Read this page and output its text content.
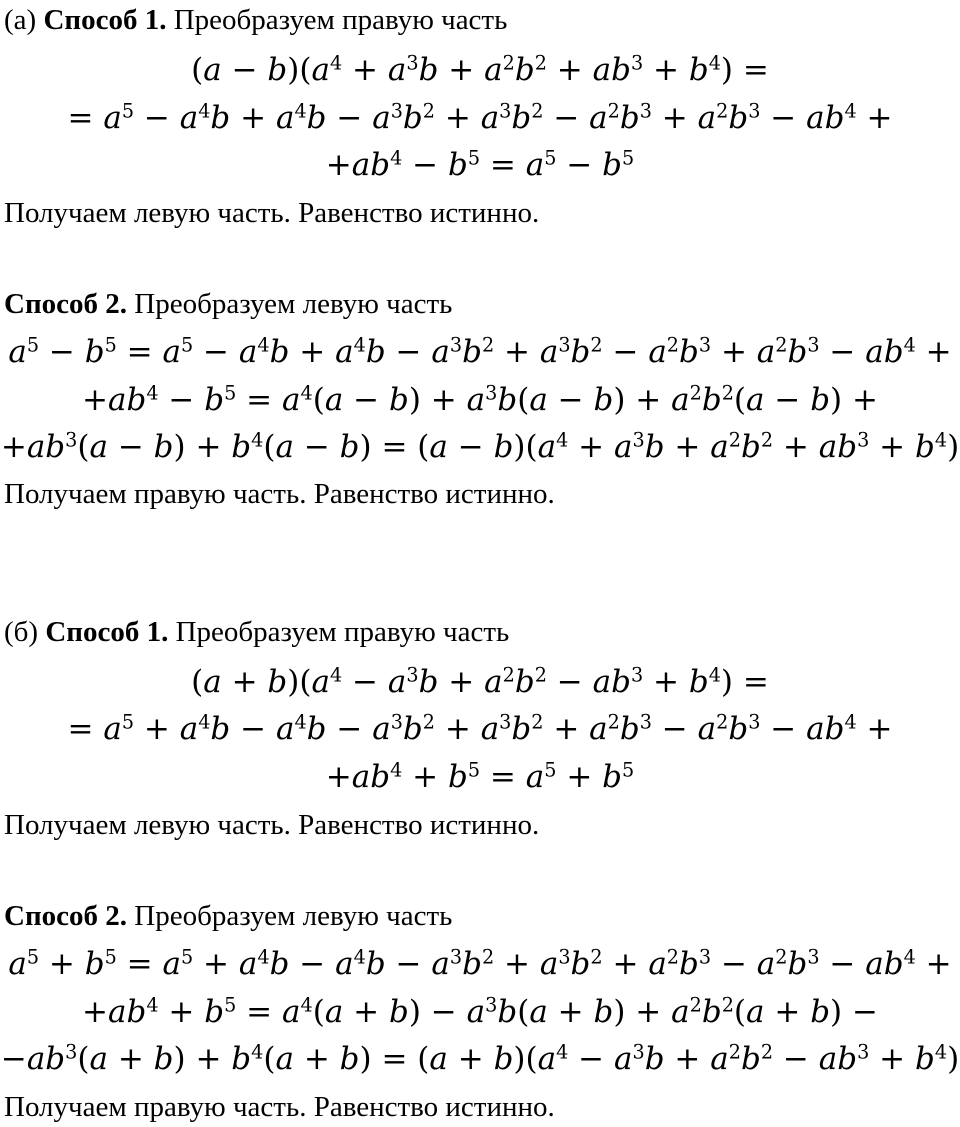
(а) Способ 1. Преобразуем правую часть
$(a - b)(a^4 + a^3b + a^2b^2 + ab^3 + b^4)$ =
= $a^5 - a^4b + a^4b - a^3b^2 + a^3b^2 - a^2b^3 + a^2b^3 - ab^4$ +
$+ab^4 - b^5 = a^5 - b^5$
Получаем левую часть. Равенство истинно.
Способ 2. Преобразуем левую часть
$a^5 - b^5 = a^5 - a^4b + a^4b - a^3b^2 + a^3b^2 - a^2b^3 + a^2b^3 - ab^4$ +
$+ab^4 - b^5 = a^4(a - b) + a^3b(a - b) + a^2b^2(a - b)$ +
$+ab^3(a - b) + b^4(a - b) = (a - b)(a^4 + a^3b + a^2b^2 + ab^3 + b^4)$
Получаем правую часть. Равенство истинно.
(б) Способ 1. Преобразуем правую часть
$(a + b)(a^4 - a^3b + a^2b^2 - ab^3 + b^4)$ =
= $a^5 + a^4b - a^4b - a^3b^2 + a^3b^2 + a^2b^3 - a^2b^3 - ab^4$ +
$+ab^4 + b^5 = a^5 + b^5$
Получаем левую часть. Равенство истинно.
Способ 2. Преобразуем левую часть
$a^5 + b^5 = a^5 + a^4b - a^4b - a^3b^2 + a^3b^2 + a^2b^3 - a^2b^3 - ab^4$ +
$+ab^4 + b^5 = a^4(a + b) - a^3b(a + b) + a^2b^2(a + b)$ −
$-ab^3(a + b) + b^4(a + b) = (a + b)(a^4 - a^3b + a^2b^2 - ab^3 + b^4)$
Получаем правую часть. Равенство истинно.
